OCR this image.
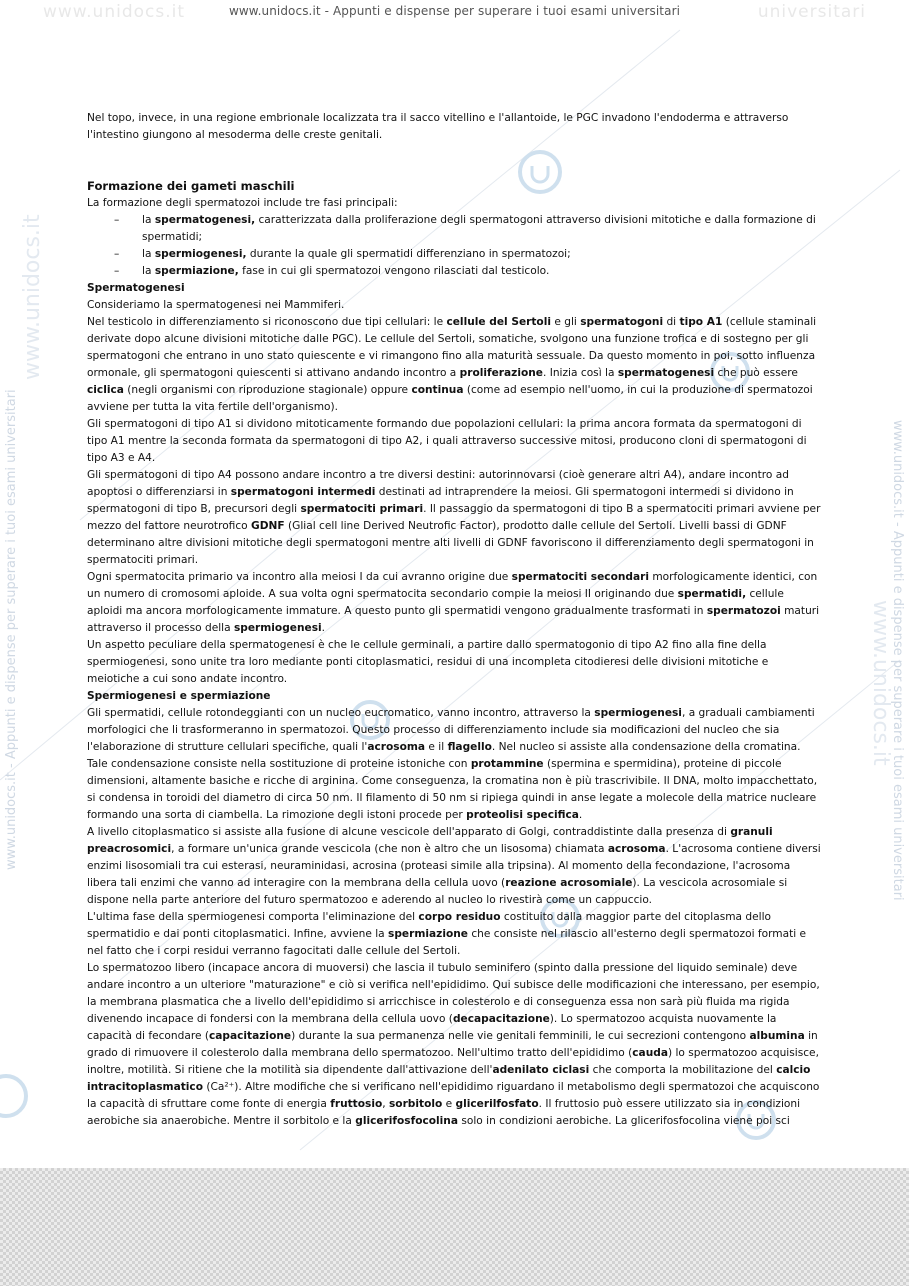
www.unidocs.it	universitari
www.unidocs.it - Appunti e dispense per superare i tuoi esami universitari
www.unidocs.it - Appunti e dispense per superare i tuoi esami universitari	www.unidocs.it - Appunti e dispense per superare i tuoi esami universitari
www.unidocs.it
www.unidocs.it

Nel topo, invece, in una regione embrionale localizzata tra il sacco vitellino e l'allantoide, le PGC invadono l'endoderma e attraverso l'intestino giungono al mesoderma delle creste genitali.

Formazione dei gameti maschili

La formazione degli spermatozoi include tre fasi principali:

– la spermatogenesi, caratterizzata dalla proliferazione degli spermatogoni attraverso divisioni mitotiche e dalla formazione di spermatidi;
– la spermiogenesi, durante la quale gli spermatidi differenziano in spermatozoi;
– la spermiazione, fase in cui gli spermatozoi vengono rilasciati dal testicolo.

Spermatogenesi

Consideriamo la spermatogenesi nei Mammiferi.

Nel testicolo in differenziamento si riconoscono due tipi cellulari: le cellule del Sertoli e gli spermatogoni di tipo A1 (cellule staminali derivate dopo alcune divisioni mitotiche dalle PGC). Le cellule del Sertoli, somatiche, svolgono una funzione trofica e di sostegno per gli spermatogoni che entrano in uno stato quiescente e vi rimangono fino alla maturità sessuale. Da questo momento in poi, sotto influenza ormonale, gli spermatogoni quiescenti si attivano andando incontro a proliferazione. Inizia così la spermatogenesi che può essere ciclica (negli organismi con riproduzione stagionale) oppure continua (come ad esempio nell'uomo, in cui la produzione di spermatozoi avviene per tutta la vita fertile dell'organismo).

Gli spermatogoni di tipo A1 si dividono mitoticamente formando due popolazioni cellulari: la prima ancora formata da spermatogoni di tipo A1 mentre la seconda formata da spermatogoni di tipo A2, i quali attraverso successive mitosi, producono cloni di spermatogoni di tipo A3 e A4.

Gli spermatogoni di tipo A4 possono andare incontro a tre diversi destini: autorinnovarsi (cioè generare altri A4), andare incontro ad apoptosi o differenziarsi in spermatogoni intermedi destinati ad intraprendere la meiosi. Gli spermatogoni intermedi si dividono in spermatogoni di tipo B, precursori degli spermatociti primari. Il passaggio da spermatogoni di tipo B a spermatociti primari avviene per mezzo del fattore neurotrofico GDNF (Glial cell line Derived Neutrofic Factor), prodotto dalle cellule del Sertoli. Livelli bassi di GDNF determinano altre divisioni mitotiche degli spermatogoni mentre alti livelli di GDNF favoriscono il differenziamento degli spermatogoni in spermatociti primari.

Ogni spermatocita primario va incontro alla meiosi I da cui avranno origine due spermatociti secondari morfologicamente identici, con un numero di cromosomi aploide. A sua volta ogni spermatocita secondario compie la meiosi II originando due spermatidi, cellule aploidi ma ancora morfologicamente immature. A questo punto gli spermatidi vengono gradualmente trasformati in spermatozoi maturi attraverso il processo della spermiogenesi.

Un aspetto peculiare della spermatogenesi è che le cellule germinali, a partire dallo spermatogonio di tipo A2 fino alla fine della spermiogenesi, sono unite tra loro mediante ponti citoplasmatici, residui di una incompleta citodieresi delle divisioni mitotiche e meiotiche a cui sono andate incontro.

Spermiogenesi e spermiazione

Gli spermatidi, cellule rotondeggianti con un nucleo eucromatico, vanno incontro, attraverso la spermiogenesi, a graduali cambiamenti morfologici che li trasformeranno in spermatozoi. Questo processo di differenziamento include sia modificazioni del nucleo che sia l'elaborazione di strutture cellulari specifiche, quali l'acrosoma e il flagello. Nel nucleo si assiste alla condensazione della cromatina. Tale condensazione consiste nella sostituzione di proteine istoniche con protammine (spermina e spermidina), proteine di piccole dimensioni, altamente basiche e ricche di arginina. Come conseguenza, la cromatina non è più trascrivibile. Il DNA, molto impacchettato, si condensa in toroidi del diametro di circa 50 nm. Il filamento di 50 nm si ripiega quindi in anse legate a molecole della matrice nucleare formando una sorta di ciambella. La rimozione degli istoni procede per proteolisi specifica.

A livello citoplasmatico si assiste alla fusione di alcune vescicole dell'apparato di Golgi, contraddistinte dalla presenza di granuli preacrosomici, a formare un'unica grande vescicola (che non è altro che un lisosoma) chiamata acrosoma. L'acrosoma contiene diversi enzimi lisosomiali tra cui esterasi, neuraminidasi, acrosina (proteasi simile alla tripsina). Al momento della fecondazione, l'acrosoma libera tali enzimi che vanno ad interagire con la membrana della cellula uovo (reazione acrosomiale). La vescicola acrosomiale si dispone nella parte anteriore del futuro spermatozoo e aderendo al nucleo lo rivestirà come un cappuccio.

L'ultima fase della spermiogenesi comporta l'eliminazione del corpo residuo costituito dalla maggior parte del citoplasma dello spermatidio e dai ponti citoplasmatici. Infine, avviene la spermiazione che consiste nel rilascio all'esterno degli spermatozoi formati e nel fatto che i corpi residui verranno fagocitati dalle cellule del Sertoli.

Lo spermatozoo libero (incapace ancora di muoversi) che lascia il tubulo seminifero (spinto dalla pressione del liquido seminale) deve andare incontro a un ulteriore "maturazione" e ciò si verifica nell'epididimo. Qui subisce delle modificazioni che interessano, per esempio, la membrana plasmatica che a livello dell'epididimo si arricchisce in colesterolo e di conseguenza essa non sarà più fluida ma rigida divenendo incapace di fondersi con la membrana della cellula uovo (decapacitazione). Lo spermatozoo acquista nuovamente la capacità di fecondare (capacitazione) durante la sua permanenza nelle vie genitali femminili, le cui secrezioni contengono albumina in grado di rimuovere il colesterolo dalla membrana dello spermatozoo. Nell'ultimo tratto dell'epididimo (cauda) lo spermatozoo acquisisce, inoltre, motilità. Si ritiene che la motilità sia dipendente dall'attivazione dell'adenilato ciclasi che comporta la mobilitazione del calcio intracitoplasmatico (Ca²⁺). Altre modifiche che si verificano nell'epididimo riguardano il metabolismo degli spermatozoi che acquiscono la capacità di sfruttare come fonte di energia fruttosio, sorbitolo e glicerilfosfato. Il fruttosio può essere utilizzato sia in condizioni aerobiche sia anaerobiche. Mentre il sorbitolo e la glicerifosfocolina solo in condizioni aerobiche. La glicerifosfocolina viene poi sci
